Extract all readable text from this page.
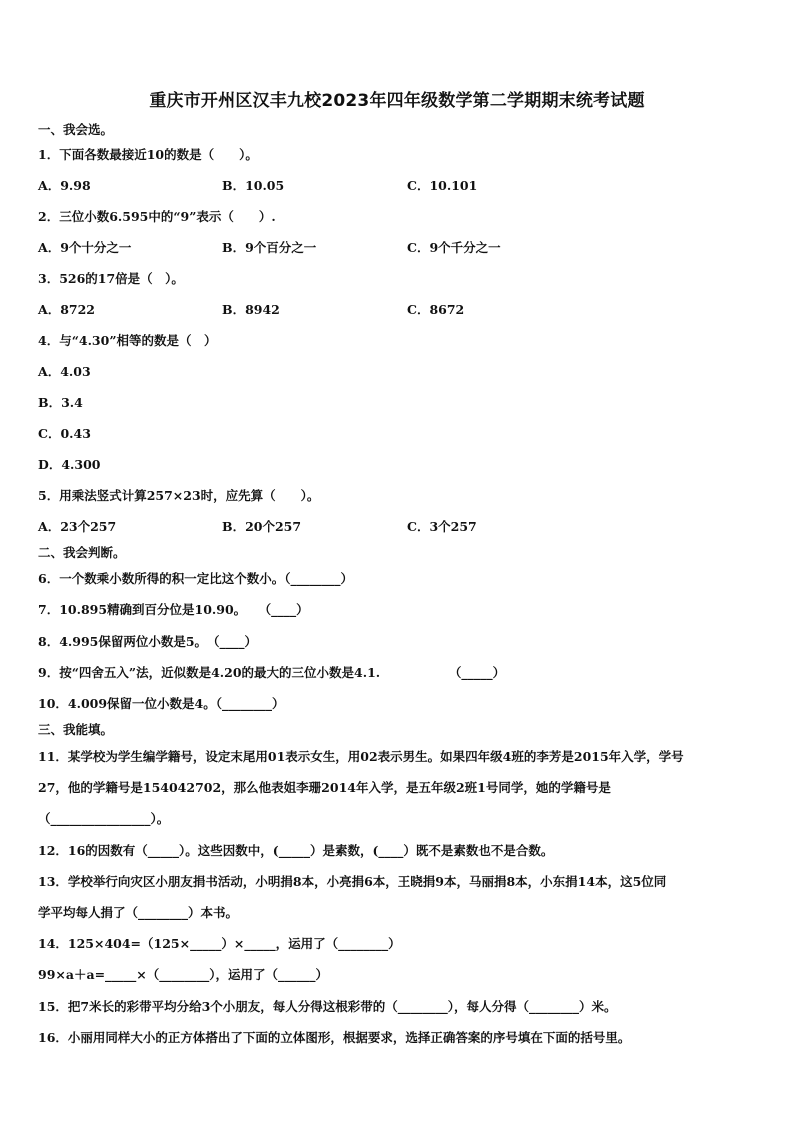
重庆市开州区汉丰九校2023年四年级数学第二学期期末统考试题
一、我会选。
1．下面各数最接近10的数是（　　）。
A．9.98	B．10.05	C．10.101
2．三位小数6.595中的“9”表示（　　）.
A．9个十分之一	B．9个百分之一	C．9个千分之一
3．526的17倍是（　）。
A．8722	B．8942	C．8672
4．与“4.30”相等的数是（　）
A．4.03
B．3.4
C．0.43
D．4.300
5．用乘法竖式计算257×23时，应先算（　　）。
A．23个257	B．20个257	C．3个257
二、我会判断。
6．一个数乘小数所得的积一定比这个数小。（________）
7．10.895精确到百分位是10.90。　　（____）
8．4.995保留两位小数是5。　（____）
9．按“四舍五入”法，近似数是4.20的最大的三位小数是4.1.　　　　　　（_____）
10．4.009保留一位小数是4。（________）
三、我能填。
11．某学校为学生编学籍号，设定末尾用01表示女生，用02表示男生。如果四年级4班的李芳是2015年入学，学号
27，他的学籍号是154042702，那么他表姐李珊2014年入学，是五年级2班1号同学，她的学籍号是
（________________）。
12．16的因数有（_____）。这些因数中，(_____）是素数，(____）既不是素数也不是合数。
13．学校举行向灾区小朋友捐书活动，小明捐8本，小亮捐6本，王晓捐9本，马丽捐8本，小东捐14本，这5位同
学平均每人捐了（________）本书。
14．125×404=（125×_____）×_____，运用了（________）
99×a＋a=_____×（________），运用了（______）
15．把7米长的彩带平均分给3个小朋友，每人分得这根彩带的（________），每人分得（________）米。
16．小丽用同样大小的正方体搭出了下面的立体图形，根据要求，选择正确答案的序号填在下面的括号里。
